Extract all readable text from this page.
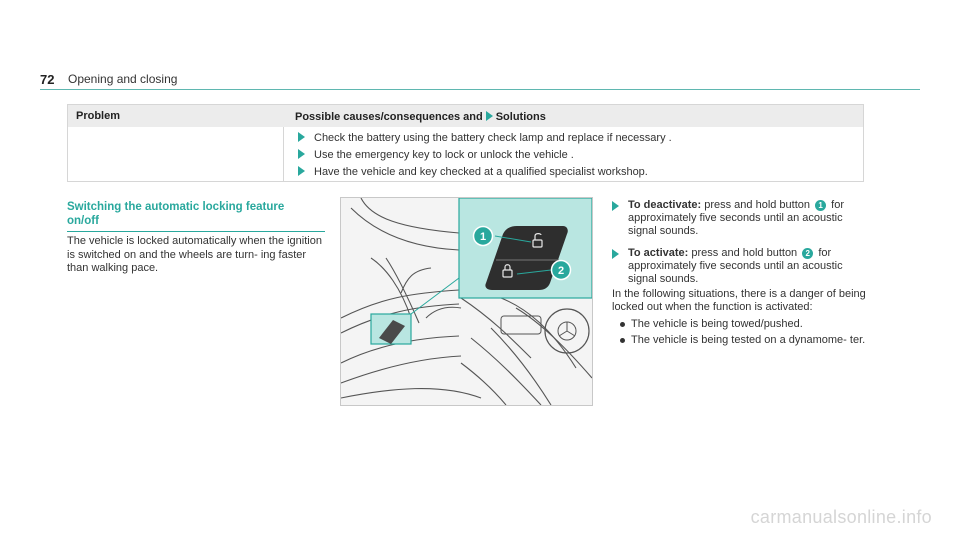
72 Opening and closing
Problem	Possible causes/consequences and Solutions
Check the battery using the battery check lamp and replace if necessary .
Use the emergency key to lock or unlock the vehicle .
Have the vehicle and key checked at a qualified specialist workshop.
Switching the automatic locking feature
on/off
The vehicle is locked automatically when the ignition is switched on and the wheels are turn- ing faster than walking pace.
1
2
To deactivate: press and hold button 1 for approximately five seconds until an acoustic signal sounds.
To activate: press and hold button 2 for approximately five seconds until an acoustic signal sounds.
In the following situations, there is a danger of being locked out when the function is activated:
The vehicle is being towed/pushed.
The vehicle is being tested on a dynamome- ter.
carmanualsonline.info
